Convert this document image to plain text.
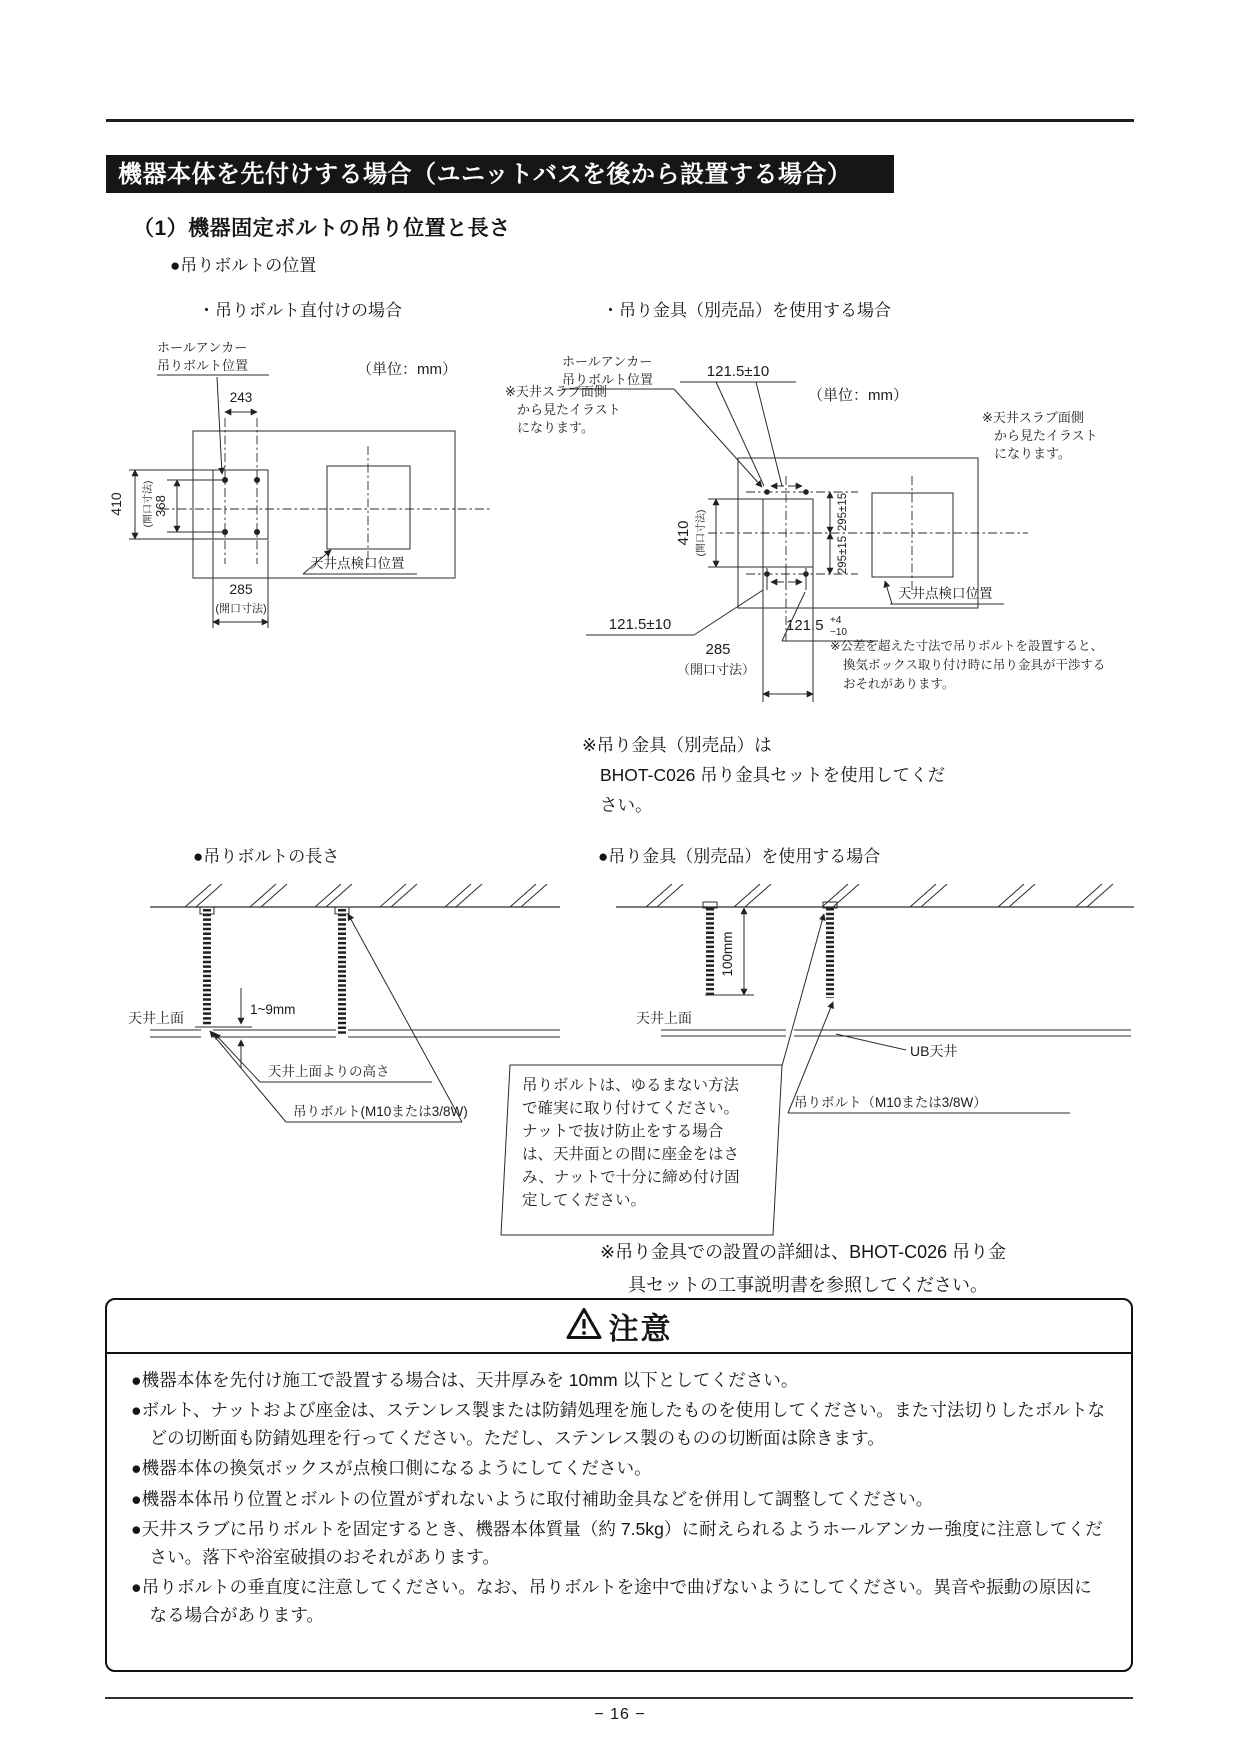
機器本体を先付けする場合（ユニットバスを後から設置する場合）
（1）機器固定ボルトの吊り位置と長さ
●吊りボルトの位置
・吊りボルト直付けの場合	・吊り金具（別売品）を使用する場合
ホールアンカー
吊りボルト位置	（単位：mm）
243
410 (開口寸法) 368
天井点検口位置
285
(開口寸法)
※天井スラブ面側
から見たイラスト
になります。
ホールアンカー
吊りボルト位置	121.5±10
（単位：mm）
295±15
295±15
410 (開口寸法)
天井点検口位置
121.5±10	121.5 +4
−10
285
（開口寸法）
※公差を超えた寸法で吊りボルトを設置すると、
換気ボックス取り付け時に吊り金具が干渉する
おそれがあります。
※天井スラブ面側
から見たイラスト
になります。
※吊り金具（別売品）は
BHOT-C026 吊り金具セットを使用してくだ
さい。
●吊りボルトの長さ	●吊り金具（別売品）を使用する場合
天井上面
1~9mm
天井上面よりの高さ
吊りボルト(M10または3/8W)
100mm
天井上面
UB天井
吊りボルト（M10または3/8W）
吊りボルトは、ゆるまない方法
で確実に取り付けてください。
ナットで抜け防止をする場合
は、天井面との間に座金をはさ
み、ナットで十分に締め付け固
定してください。
※吊り金具での設置の詳細は、BHOT-C026 吊り金
具セットの工事説明書を参照してください。
注意
●機器本体を先付け施工で設置する場合は、天井厚みを 10mm 以下としてください。
●ボルト、ナットおよび座金は、ステンレス製または防錆処理を施したものを使用してください。また寸法切りしたボルトなどの切断面も防錆処理を行ってください。ただし、ステンレス製のものの切断面は除きます。
●機器本体の換気ボックスが点検口側になるようにしてください。
●機器本体吊り位置とボルトの位置がずれないように取付補助金具などを併用して調整してください。
●天井スラブに吊りボルトを固定するとき、機器本体質量（約 7.5kg）に耐えられるようホールアンカー強度に注意してください。落下や浴室破損のおそれがあります。
●吊りボルトの垂直度に注意してください。なお、吊りボルトを途中で曲げないようにしてください。異音や振動の原因になる場合があります。
− 16 −
